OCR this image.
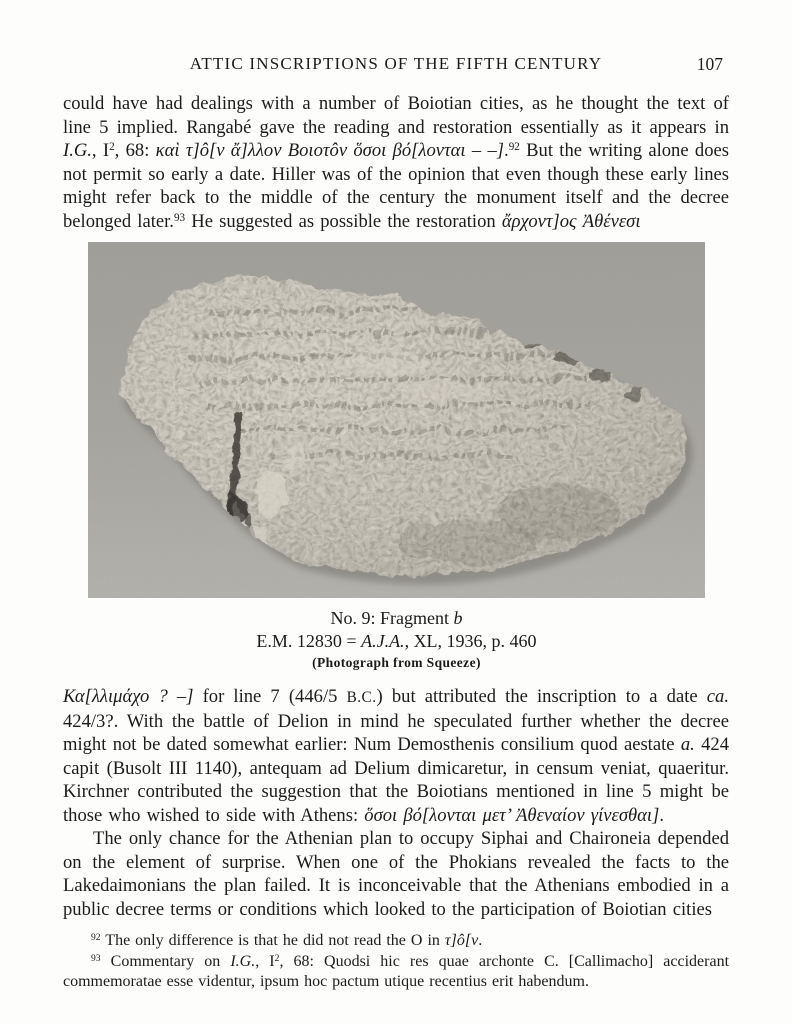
ATTIC INSCRIPTIONS OF THE FIFTH CENTURY	107

could have had dealings with a number of Boiotian cities, as he thought the text of line 5 implied. Rangabé gave the reading and restoration essentially as it appears in I.G., $I^2$, 68: καὶ τ]ô[ν ἄ]λλον Βοιοτôν ὅσοι βό[λονται – –].$^{92}$ But the writing alone does not permit so early a date. Hiller was of the opinion that even though these early lines might refer back to the middle of the century the monument itself and the decree belonged later.$^{93}$ He suggested as possible the restoration ἄρχοντ]ος Ἀθένεσι

No. 9: Fragment b
E.M. 12830 = A.J.A., XL, 1936, p. 460
(Photograph from Squeeze)

Κα[λλιμάχο ? –] for line 7 (446/5 B.C.) but attributed the inscription to a date ca. 424/3?. With the battle of Delion in mind he speculated further whether the decree might not be dated somewhat earlier: Num Demosthenis consilium quod aestate a. 424 capit (Busolt III 1140), antequam ad Delium dimicaretur, in censum veniat, quaeritur. Kirchner contributed the suggestion that the Boiotians mentioned in line 5 might be those who wished to side with Athens: ὅσοι βό[λονται μετ’ Ἀθεναίον γίνεσθαι].

The only chance for the Athenian plan to occupy Siphai and Chaironeia depended on the element of surprise. When one of the Phokians revealed the facts to the Lakedaimonians the plan failed. It is inconceivable that the Athenians embodied in a public decree terms or conditions which looked to the participation of Boiotian cities

$^{92}$ The only difference is that he did not read the O in τ]ô[ν.

$^{93}$ Commentary on I.G., $I^2$, 68: Quodsi hic res quae archonte C. [Callimacho] acciderant commemoratae esse videntur, ipsum hoc pactum utique recentius erit habendum.
